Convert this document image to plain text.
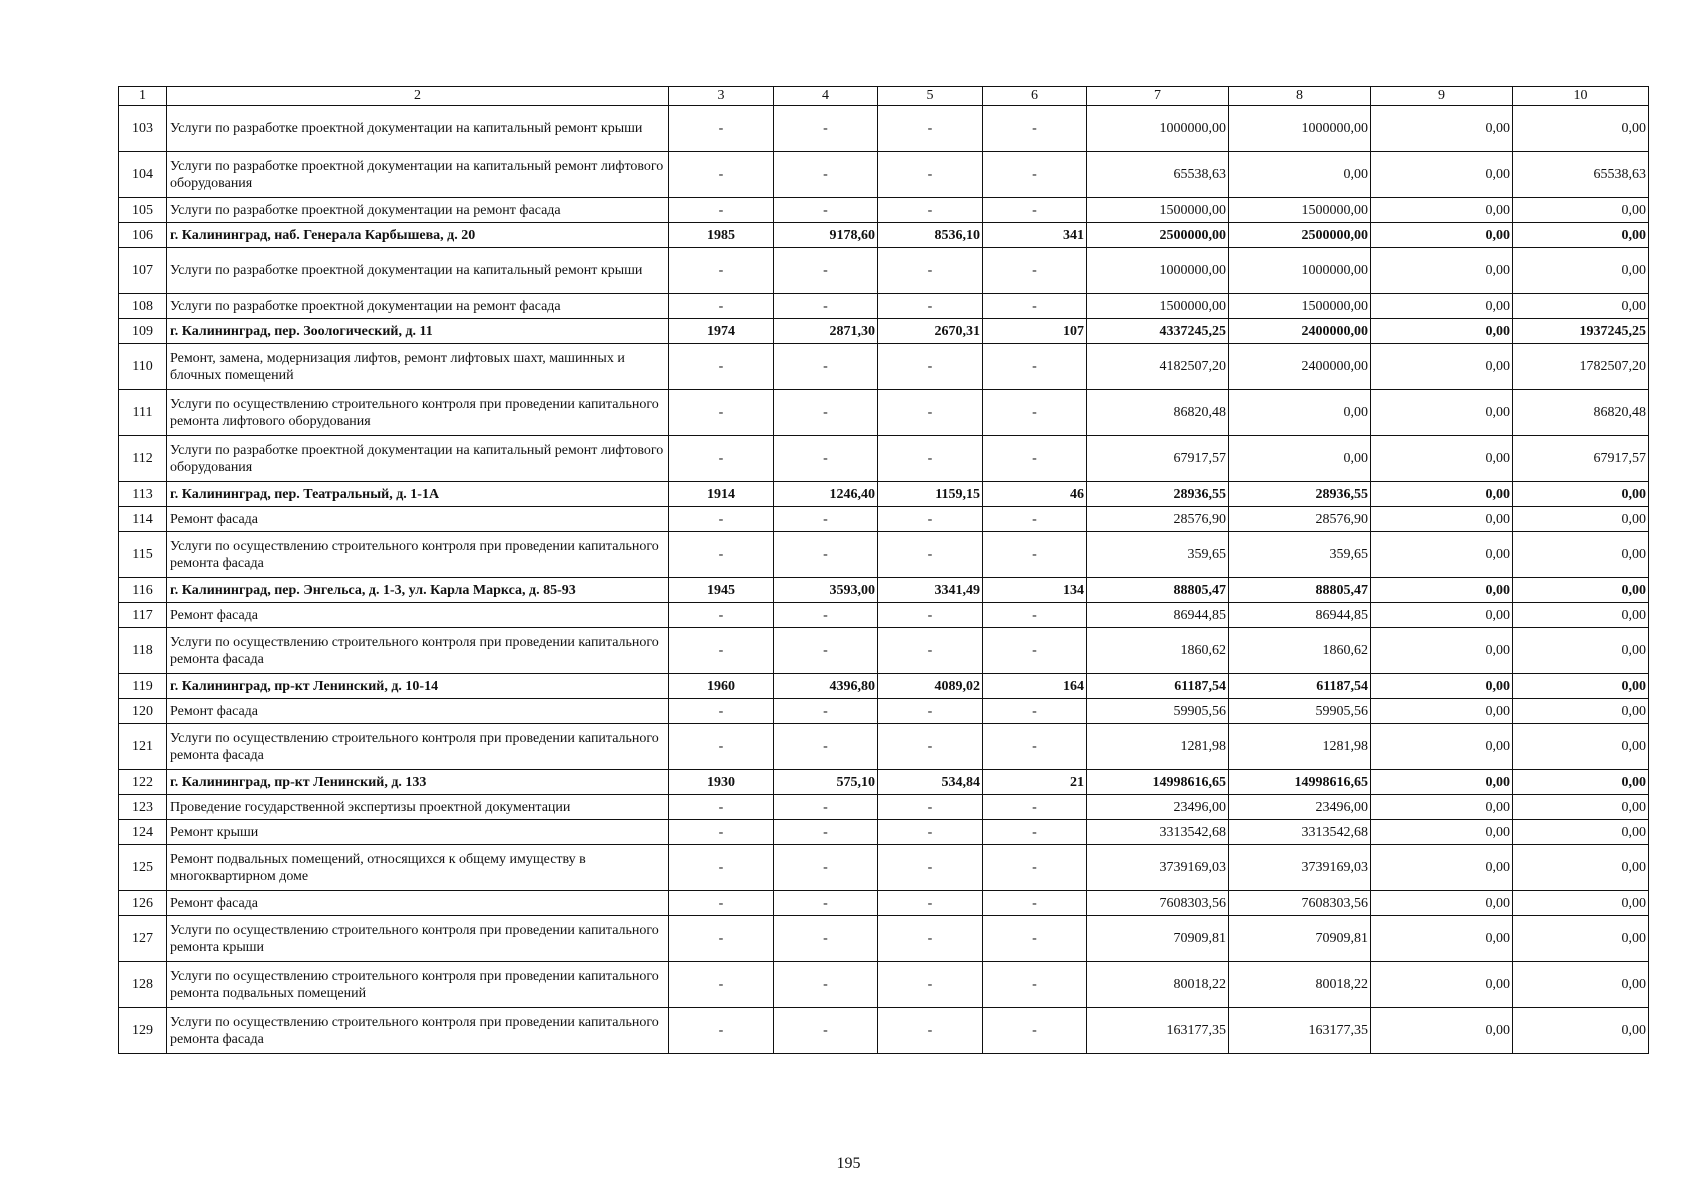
1	2	3	4	5	6	7	8	9	10
103	Услуги по разработке проектной документации на капитальный ремонт крыши	-	-	-	-	1000000,00	1000000,00	0,00	0,00
104	Услуги по разработке проектной документации на капитальный ремонт лифтового оборудования	-	-	-	-	65538,63	0,00	0,00	65538,63
105	Услуги по разработке проектной документации на ремонт фасада	-	-	-	-	1500000,00	1500000,00	0,00	0,00
106	г. Калининград, наб. Генерала Карбышева, д. 20	1985	9178,60	8536,10	341	2500000,00	2500000,00	0,00	0,00
107	Услуги по разработке проектной документации на капитальный ремонт крыши	-	-	-	-	1000000,00	1000000,00	0,00	0,00
108	Услуги по разработке проектной документации на ремонт фасада	-	-	-	-	1500000,00	1500000,00	0,00	0,00
109	г. Калининград, пер. Зоологический, д. 11	1974	2871,30	2670,31	107	4337245,25	2400000,00	0,00	1937245,25
110	Ремонт, замена, модернизация лифтов, ремонт лифтовых шахт, машинных и блочных помещений	-	-	-	-	4182507,20	2400000,00	0,00	1782507,20
111	Услуги по осуществлению строительного контроля при проведении капитального ремонта лифтового оборудования	-	-	-	-	86820,48	0,00	0,00	86820,48
112	Услуги по разработке проектной документации на капитальный ремонт лифтового оборудования	-	-	-	-	67917,57	0,00	0,00	67917,57
113	г. Калининград, пер. Театральный, д. 1-1А	1914	1246,40	1159,15	46	28936,55	28936,55	0,00	0,00
114	Ремонт фасада	-	-	-	-	28576,90	28576,90	0,00	0,00
115	Услуги по осуществлению строительного контроля при проведении капитального ремонта фасада	-	-	-	-	359,65	359,65	0,00	0,00
116	г. Калининград, пер. Энгельса, д. 1-3, ул. Карла Маркса, д. 85-93	1945	3593,00	3341,49	134	88805,47	88805,47	0,00	0,00
117	Ремонт фасада	-	-	-	-	86944,85	86944,85	0,00	0,00
118	Услуги по осуществлению строительного контроля при проведении капитального ремонта фасада	-	-	-	-	1860,62	1860,62	0,00	0,00
119	г. Калининград, пр-кт Ленинский, д. 10-14	1960	4396,80	4089,02	164	61187,54	61187,54	0,00	0,00
120	Ремонт фасада	-	-	-	-	59905,56	59905,56	0,00	0,00
121	Услуги по осуществлению строительного контроля при проведении капитального ремонта фасада	-	-	-	-	1281,98	1281,98	0,00	0,00
122	г. Калининград, пр-кт Ленинский, д. 133	1930	575,10	534,84	21	14998616,65	14998616,65	0,00	0,00
123	Проведение государственной экспертизы проектной документации	-	-	-	-	23496,00	23496,00	0,00	0,00
124	Ремонт крыши	-	-	-	-	3313542,68	3313542,68	0,00	0,00
125	Ремонт подвальных помещений, относящихся к общему имуществу в многоквартирном доме	-	-	-	-	3739169,03	3739169,03	0,00	0,00
126	Ремонт фасада	-	-	-	-	7608303,56	7608303,56	0,00	0,00
127	Услуги по осуществлению строительного контроля при проведении капитального ремонта крыши	-	-	-	-	70909,81	70909,81	0,00	0,00
128	Услуги по осуществлению строительного контроля при проведении капитального ремонта подвальных помещений	-	-	-	-	80018,22	80018,22	0,00	0,00
129	Услуги по осуществлению строительного контроля при проведении капитального ремонта фасада	-	-	-	-	163177,35	163177,35	0,00	0,00
195
